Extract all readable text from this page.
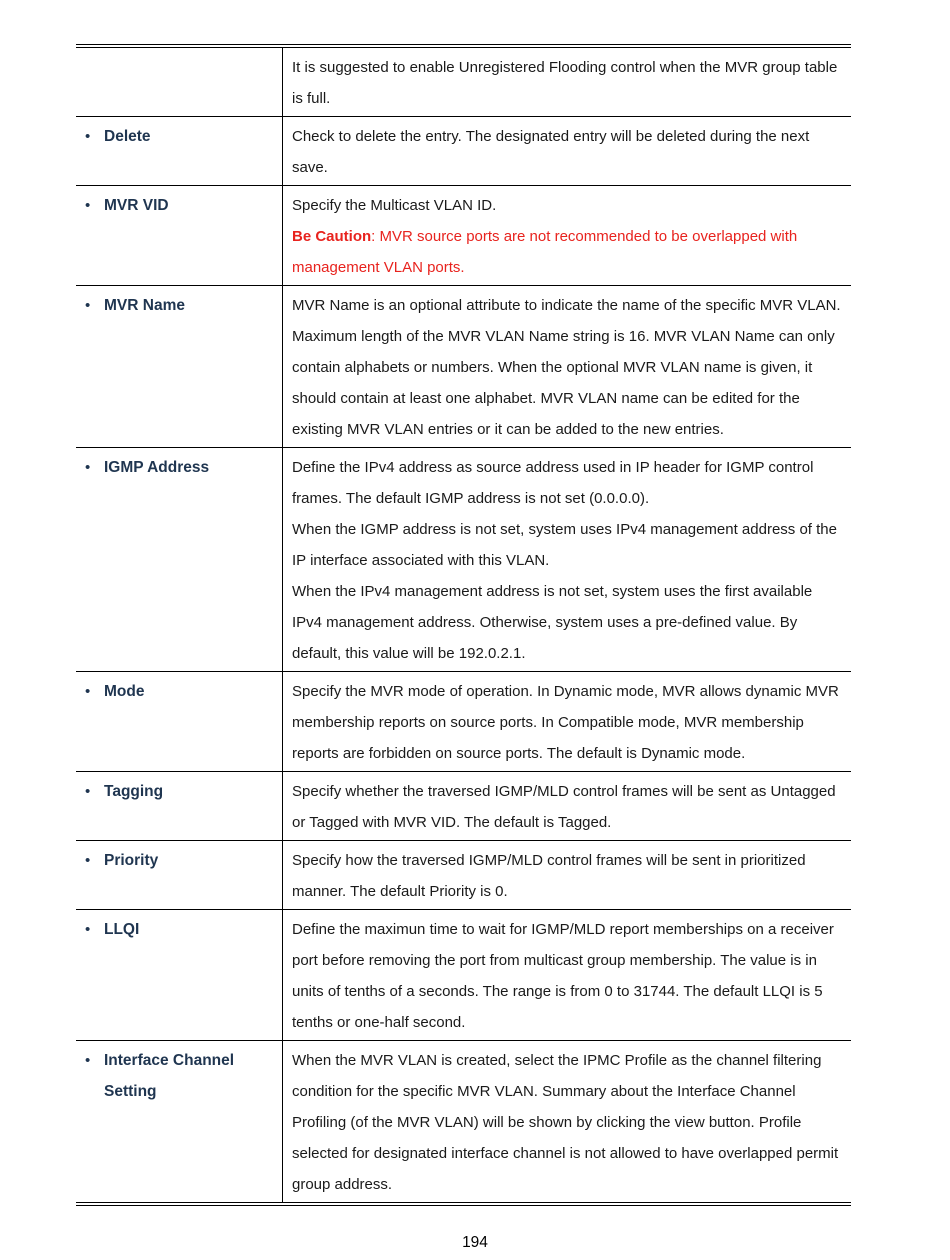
	It is suggested to enable Unregistered Flooding control when the MVR group table is full.

• Delete	Check to delete the entry. The designated entry will be deleted during the next save.

• MVR VID	Specify the Multicast VLAN ID.
Be Caution: MVR source ports are not recommended to be overlapped with management VLAN ports.

• MVR Name	MVR Name is an optional attribute to indicate the name of the specific MVR VLAN. Maximum length of the MVR VLAN Name string is 16. MVR VLAN Name can only contain alphabets or numbers. When the optional MVR VLAN name is given, it should contain at least one alphabet. MVR VLAN name can be edited for the existing MVR VLAN entries or it can be added to the new entries.

• IGMP Address	Define the IPv4 address as source address used in IP header for IGMP control frames. The default IGMP address is not set (0.0.0.0).
When the IGMP address is not set, system uses IPv4 management address of the IP interface associated with this VLAN.
When the IPv4 management address is not set, system uses the first available IPv4 management address. Otherwise, system uses a pre-defined value. By default, this value will be 192.0.2.1.

• Mode	Specify the MVR mode of operation. In Dynamic mode, MVR allows dynamic MVR membership reports on source ports. In Compatible mode, MVR membership reports are forbidden on source ports. The default is Dynamic mode.

• Tagging	Specify whether the traversed IGMP/MLD control frames will be sent as Untagged or Tagged with MVR VID. The default is Tagged.

• Priority	Specify how the traversed IGMP/MLD control frames will be sent in prioritized manner. The default Priority is 0.

• LLQI	Define the maximun time to wait for IGMP/MLD report memberships on a receiver port before removing the port from multicast group membership. The value is in units of tenths of a seconds. The range is from 0 to 31744. The default LLQI is 5 tenths or one-half second.

• Interface Channel Setting	When the MVR VLAN is created, select the IPMC Profile as the channel filtering condition for the specific MVR VLAN. Summary about the Interface Channel Profiling (of the MVR VLAN) will be shown by clicking the view button. Profile selected for designated interface channel is not allowed to have overlapped permit group address.
194
